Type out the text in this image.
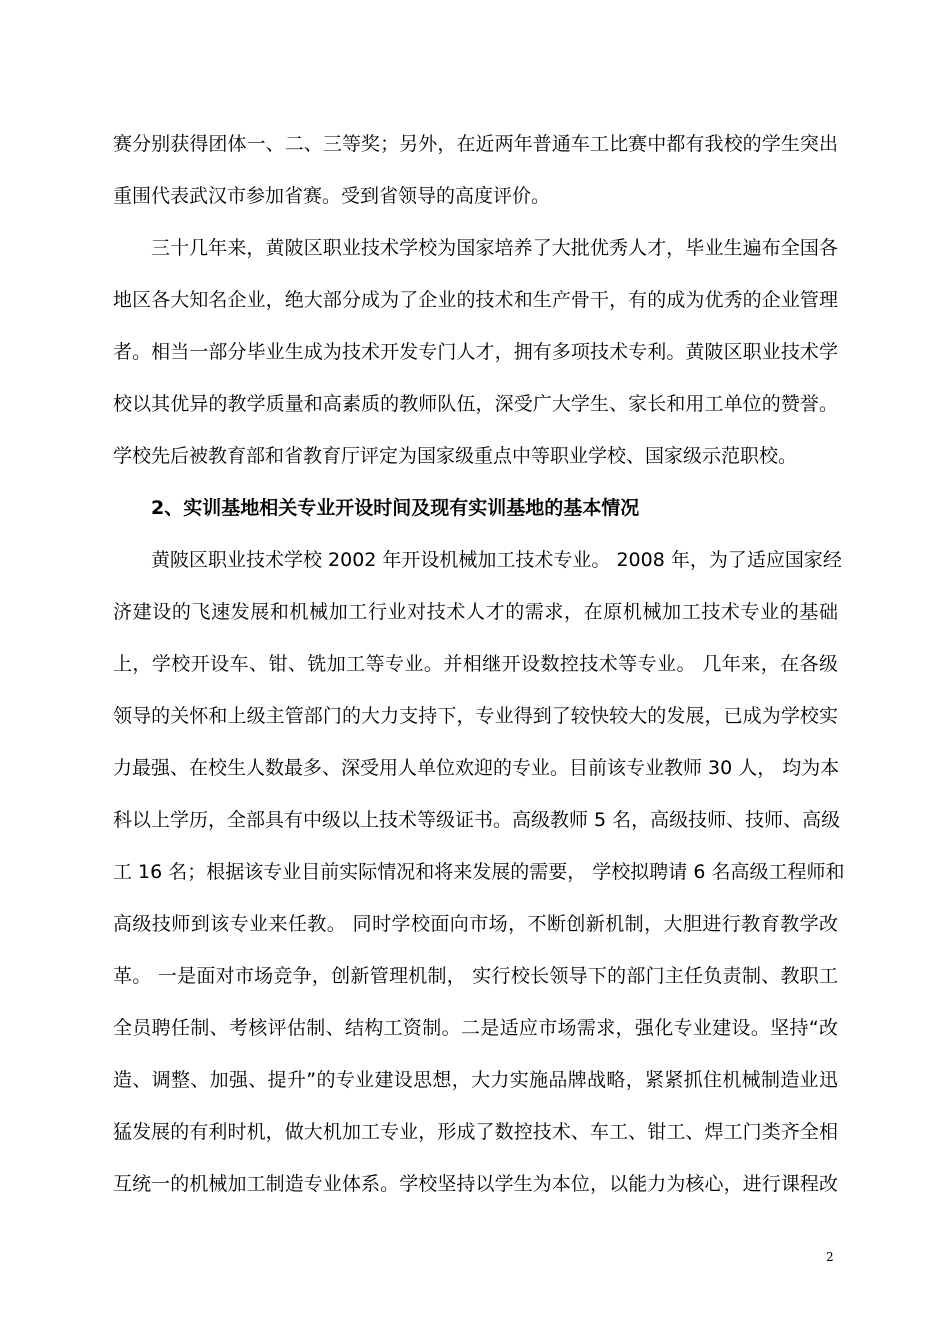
赛分别获得团体一、二、三等奖；另外，在近两年普通车工比赛中都有我校的学生突出
重围代表武汉市参加省赛。受到省领导的高度评价。
三十几年来，黄陂区职业技术学校为国家培养了大批优秀人才，毕业生遍布全国各
地区各大知名企业，绝大部分成为了企业的技术和生产骨干，有的成为优秀的企业管理
者。相当一部分毕业生成为技术开发专门人才，拥有多项技术专利。黄陂区职业技术学
校以其优异的教学质量和高素质的教师队伍，深受广大学生、家长和用工单位的赞誉。
学校先后被教育部和省教育厅评定为国家级重点中等职业学校、国家级示范职校。
2、实训基地相关专业开设时间及现有实训基地的基本情况
黄陂区职业技术学校 2002 年开设机械加工技术专业。 2008 年，为了适应国家经
济建设的飞速发展和机械加工行业对技术人才的需求，在原机械加工技术专业的基础
上，学校开设车、钳、铣加工等专业。并相继开设数控技术等专业。 几年来，在各级
领导的关怀和上级主管部门的大力支持下，专业得到了较快较大的发展，已成为学校实
力最强、在校生人数最多、深受用人单位欢迎的专业。目前该专业教师 30 人， 均为本
科以上学历，全部具有中级以上技术等级证书。高级教师 5 名，高级技师、技师、高级
工 16 名；根据该专业目前实际情况和将来发展的需要， 学校拟聘请 6 名高级工程师和
高级技师到该专业来任教。 同时学校面向市场，不断创新机制，大胆进行教育教学改
革。 一是面对市场竞争，创新管理机制， 实行校长领导下的部门主任负责制、教职工
全员聘任制、考核评估制、结构工资制。二是适应市场需求，强化专业建设。坚持“改
造、调整、加强、提升”的专业建设思想，大力实施品牌战略，紧紧抓住机械制造业迅
猛发展的有利时机，做大机加工专业，形成了数控技术、车工、钳工、焊工门类齐全相
互统一的机械加工制造专业体系。学校坚持以学生为本位，以能力为核心，进行课程改
2
